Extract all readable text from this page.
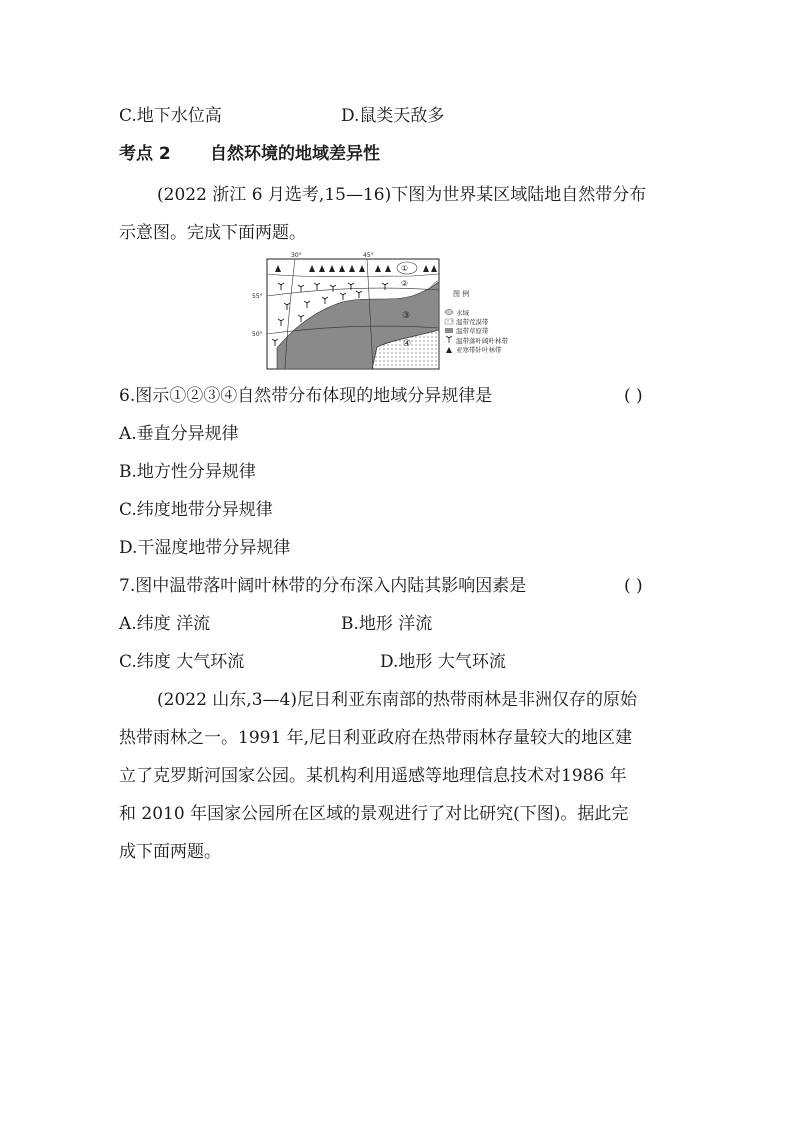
C.地下水位高	D.鼠类天敌多
考点 2 自然环境的地域差异性
(2022 浙江 6 月选考,15—16)下图为世界某区域陆地自然带分布
示意图。完成下面两题。
30°	45°
55°
50°
①
②
③
④
图 例
水域
温带荒漠带
温带草原带
温带落叶阔叶林带
亚寒带针叶林带
6.图示①②③④自然带分布体现的地域分异规律是	( )
A.垂直分异规律
B.地方性分异规律
C.纬度地带分异规律
D.干湿度地带分异规律
7.图中温带落叶阔叶林带的分布深入内陆其影响因素是	( )
A.纬度 洋流	B.地形 洋流
C.纬度 大气环流	D.地形 大气环流
(2022 山东,3—4)尼日利亚东南部的热带雨林是非洲仅存的原始
热带雨林之一。1991 年,尼日利亚政府在热带雨林存量较大的地区建
立了克罗斯河国家公园。某机构利用遥感等地理信息技术对1986 年
和 2010 年国家公园所在区域的景观进行了对比研究(下图)。据此完
成下面两题。
